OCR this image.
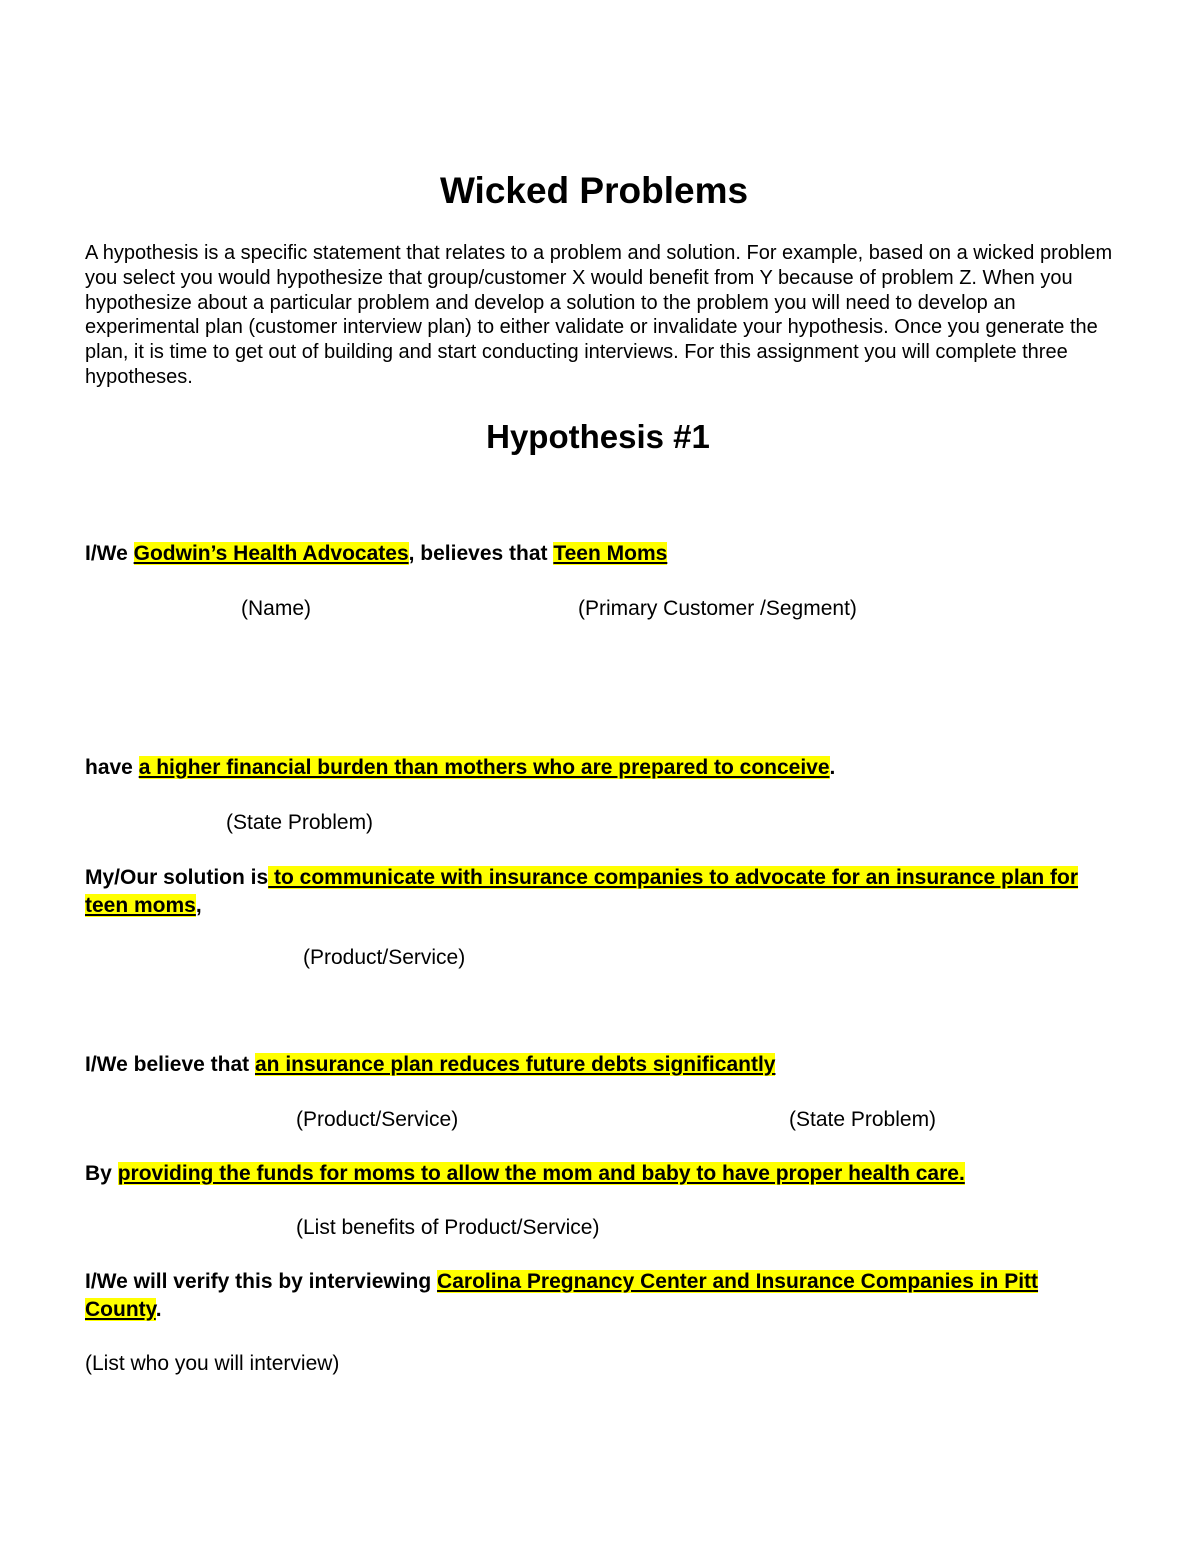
Wicked Problems
A hypothesis is a specific statement that relates to a problem and solution. For example, based on a wicked problem you select you would hypothesize that group/customer X would benefit from Y because of problem Z. When you hypothesize about a particular problem and develop a solution to the problem you will need to develop an experimental plan (customer interview plan) to either validate or invalidate your hypothesis. Once you generate the plan, it is time to get out of building and start conducting interviews. For this assignment you will complete three hypotheses.
Hypothesis #1
I/We Godwin’s Health Advocates, believes that Teen Moms
(Name)	(Primary Customer /Segment)
have a higher financial burden than mothers who are prepared to conceive.
(State Problem)
My/Our solution is to communicate with insurance companies to advocate for an insurance plan for teen moms,
(Product/Service)
I/We believe that an insurance plan reduces future debts significantly
(Product/Service)	(State Problem)
By providing the funds for moms to allow the mom and baby to have proper health care.
(List benefits of Product/Service)
I/We will verify this by interviewing Carolina Pregnancy Center and Insurance Companies in Pitt County.
(List who you will interview)
